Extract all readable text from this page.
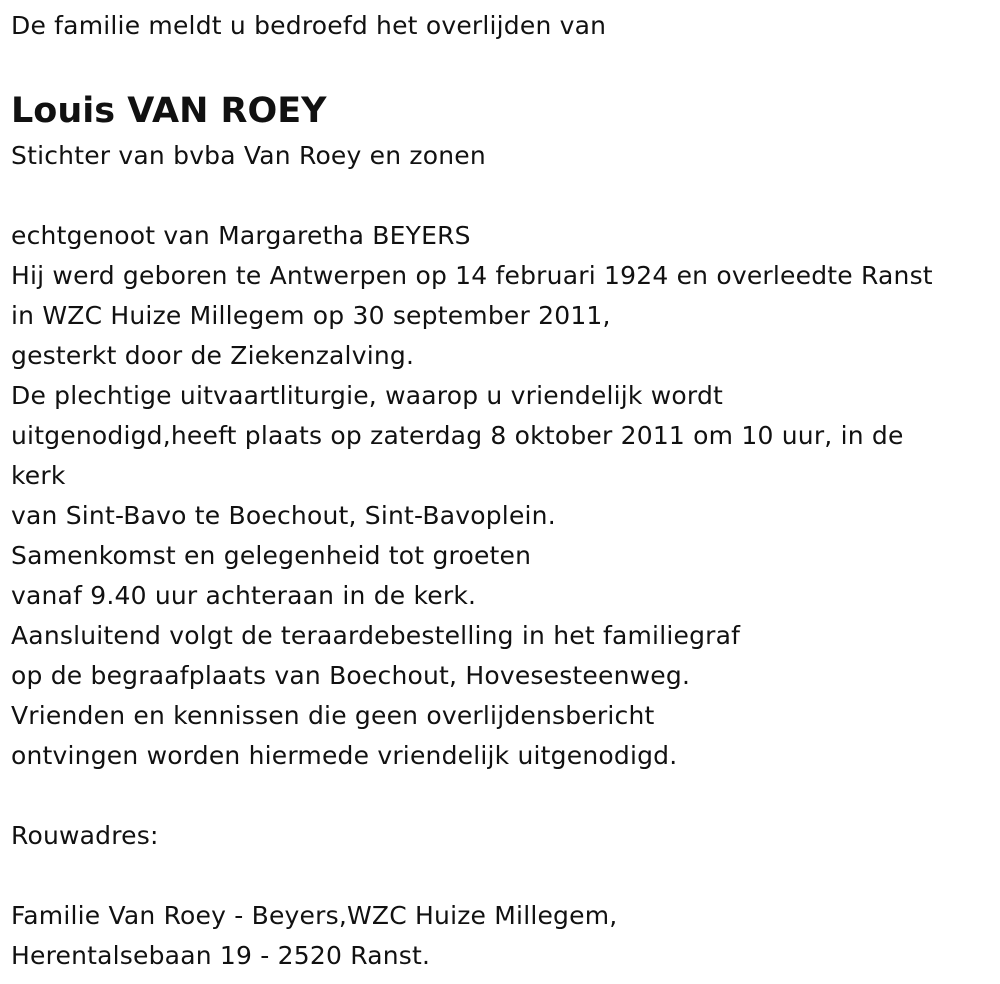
De familie meldt u bedroefd het overlijden van
Louis VAN ROEY
Stichter van bvba Van Roey en zonen
echtgenoot van Margaretha BEYERS
Hij werd geboren te Antwerpen op 14 februari 1924 en overleedte Ranst
in WZC Huize Millegem op 30 september 2011,
gesterkt door de Ziekenzalving.
De plechtige uitvaartliturgie, waarop u vriendelijk wordt
uitgenodigd,heeft plaats op zaterdag 8 oktober 2011 om 10 uur, in de
kerk
van Sint-Bavo te Boechout, Sint-Bavoplein.
Samenkomst en gelegenheid tot groeten
vanaf 9.40 uur achteraan in de kerk.
Aansluitend volgt de teraardebestelling in het familiegraf
op de begraafplaats van Boechout, Hovesesteenweg.
Vrienden en kennissen die geen overlijdensbericht
ontvingen worden hiermede vriendelijk uitgenodigd.
Rouwadres:
Familie Van Roey - Beyers,WZC Huize Millegem,
Herentalsebaan 19 - 2520 Ranst.
